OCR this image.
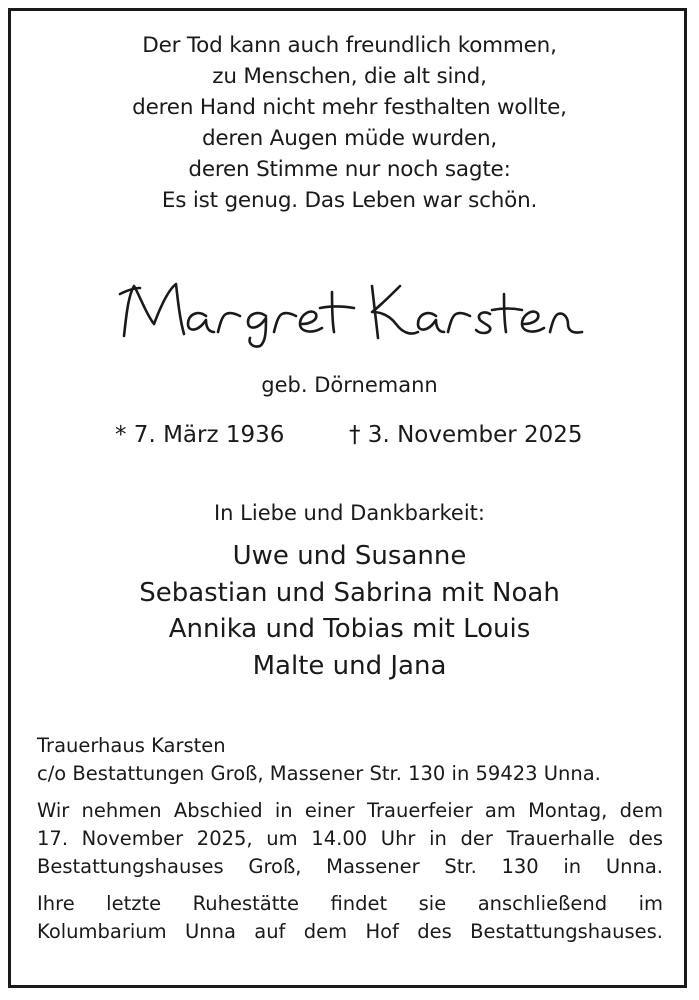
Der Tod kann auch freundlich kommen,
zu Menschen, die alt sind,
deren Hand nicht mehr festhalten wollte,
deren Augen müde wurden,
deren Stimme nur noch sagte:
Es ist genug. Das Leben war schön.
geb. Dörnemann
* 7. März 1936	† 3. November 2025
In Liebe und Dankbarkeit:
Uwe und Susanne
Sebastian und Sabrina mit Noah
Annika und Tobias mit Louis
Malte und Jana
Trauerhaus Karsten
c/o Bestattungen Groß, Massener Str. 130 in 59423 Unna.
Wir nehmen Abschied in einer Trauerfeier am Montag, dem
17. November 2025, um 14.00 Uhr in der Trauerhalle des
Bestattungshauses Groß, Massener Str. 130 in Unna.
Ihre letzte Ruhestätte findet sie anschließend im
Kolumbarium Unna auf dem Hof des Bestattungshauses.
